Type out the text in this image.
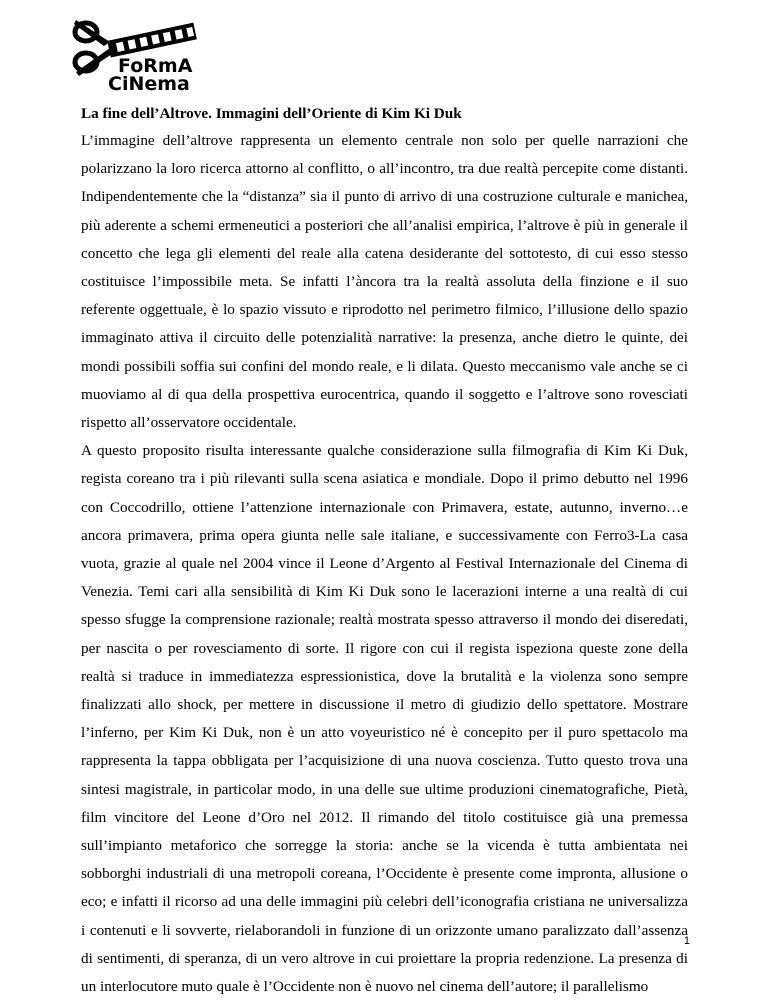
FoRmA
CiNema
La fine dell’Altrove. Immagini dell’Oriente di Kim Ki Duk

L’immagine dell’altrove rappresenta un elemento centrale non solo per quelle narrazioni che polarizzano la loro ricerca attorno al conflitto, o all’incontro, tra due realtà percepite come distanti. Indipendentemente che la “distanza” sia il punto di arrivo di una costruzione culturale e manichea, più aderente a schemi ermeneutici a posteriori che all’analisi empirica, l’altrove è più in generale il concetto che lega gli elementi del reale alla catena desiderante del sottotesto, di cui esso stesso costituisce l’impossibile meta. Se infatti l’àncora tra la realtà assoluta della finzione e il suo referente oggettuale, è lo spazio vissuto e riprodotto nel perimetro filmico, l’illusione dello spazio immaginato attiva il circuito delle potenzialità narrative: la presenza, anche dietro le quinte, dei mondi possibili soffia sui confini del mondo reale, e li dilata. Questo meccanismo vale anche se ci muoviamo al di qua della prospettiva eurocentrica, quando il soggetto e l’altrove sono rovesciati rispetto all’osservatore occidentale.

A questo proposito risulta interessante qualche considerazione sulla filmografia di Kim Ki Duk, regista coreano tra i più rilevanti sulla scena asiatica e mondiale. Dopo il primo debutto nel 1996 con Coccodrillo, ottiene l’attenzione internazionale con Primavera, estate, autunno, inverno…e ancora primavera, prima opera giunta nelle sale italiane, e successivamente con Ferro3-La casa vuota, grazie al quale nel 2004 vince il Leone d’Argento al Festival Internazionale del Cinema di Venezia. Temi cari alla sensibilità di Kim Ki Duk sono le lacerazioni interne a una realtà di cui spesso sfugge la comprensione razionale; realtà mostrata spesso attraverso il mondo dei diseredati, per nascita o per rovesciamento di sorte. Il rigore con cui il regista ispeziona queste zone della realtà si traduce in immediatezza espressionistica, dove la brutalità e la violenza sono sempre finalizzati allo shock, per mettere in discussione il metro di giudizio dello spettatore. Mostrare l’inferno, per Kim Ki Duk, non è un atto voyeuristico né è concepito per il puro spettacolo ma rappresenta la tappa obbligata per l’acquisizione di una nuova coscienza. Tutto questo trova una sintesi magistrale, in particolar modo, in una delle sue ultime produzioni cinematografiche, Pietà, film vincitore del Leone d’Oro nel 2012. Il rimando del titolo costituisce già una premessa sull’impianto metaforico che sorregge la storia: anche se la vicenda è tutta ambientata nei sobborghi industriali di una metropoli coreana, l’Occidente è presente come impronta, allusione o eco; e infatti il ricorso ad una delle immagini più celebri dell’iconografia cristiana ne universalizza i contenuti e li sovverte, rielaborandoli in funzione di un orizzonte umano paralizzato dall’assenza di sentimenti, di speranza, di un vero altrove in cui proiettare la propria redenzione. La presenza di un interlocutore muto quale è l’Occidente non è nuovo nel cinema dell’autore; il parallelismo

1
